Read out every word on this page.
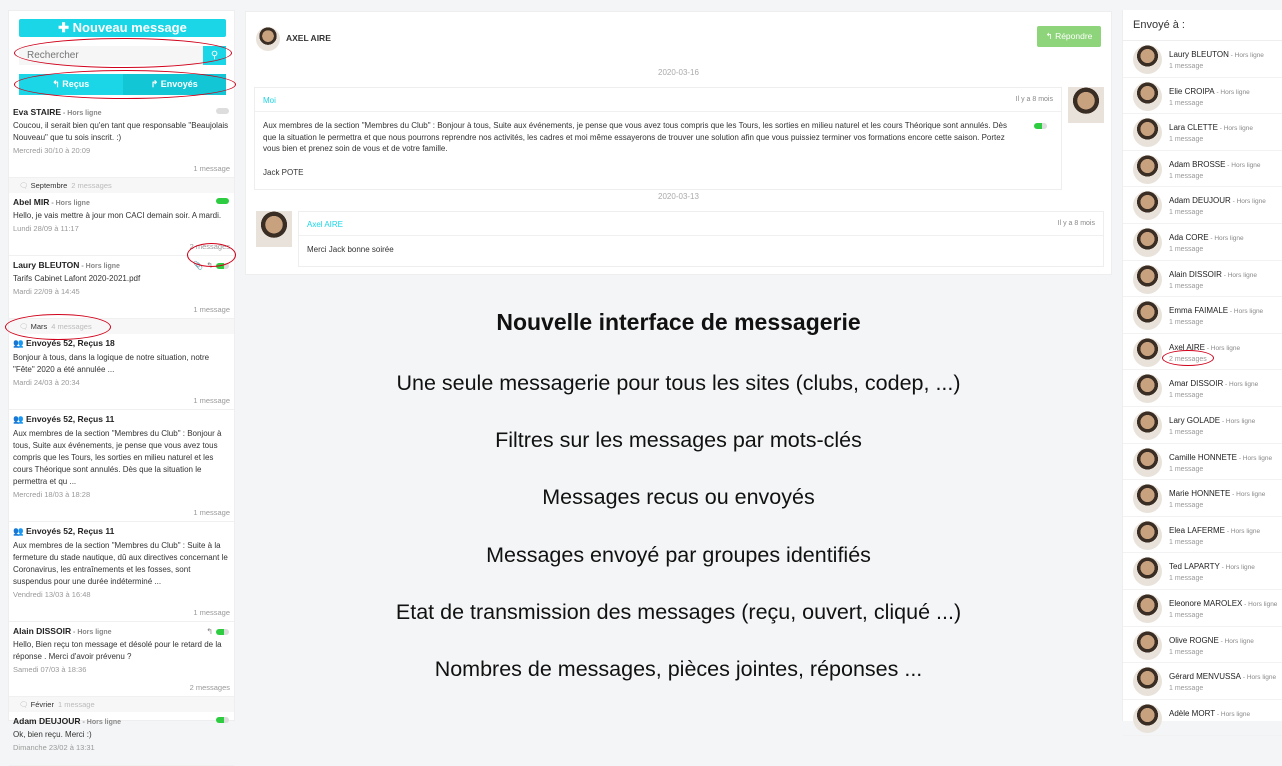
✚ Nouveau message
Rechercher
⚲
↰ Reçus	↱ Envoyés
Eva STAIRE - Hors ligne
Coucou, il serait bien qu'en tant que responsable "Beaujolais Nouveau" que tu sois inscrit. :)
Mercredi 30/10 à 20:09
1 message
🗨 Septembre 2 messages
Abel MIR - Hors ligne
Hello, je vais mettre à jour mon CACI demain soir. A mardi.
Lundi 28/09 à 11:17
2 messages
Laury BLEUTON - Hors ligne
Tarifs Cabinet Lafont 2020-2021.pdf
Mardi 22/09 à 14:45
1 message
📎 ↰
🗨 Mars 4 messages
👥 Envoyés 52, Reçus 18
Bonjour à tous, dans la logique de notre situation, notre "Fête" 2020 a été annulée ...
Mardi 24/03 à 20:34
1 message
👥 Envoyés 52, Reçus 11
Aux membres de la section "Membres du Club" : Bonjour à tous, Suite aux événements, je pense que vous avez tous compris que les Tours, les sorties en milieu naturel et les cours Théorique sont annulés. Dès que la situation le permettra et qu ...
Mercredi 18/03 à 18:28
1 message
👥 Envoyés 52, Reçus 11
Aux membres de la section "Membres du Club" : Suite à la fermeture du stade nautique, dû aux directives concernant le Coronavirus, les entraînements et les fosses, sont suspendus pour une durée indéterminé ...
Vendredi 13/03 à 16:48
1 message
Alain DISSOIR - Hors ligne
Hello, Bien reçu ton message et désolé pour le retard de la réponse . Merci d'avoir prévenu ?
Samedi 07/03 à 18:36
2 messages
↰
🗨 Février 1 message
Adam DEUJOUR - Hors ligne
Ok, bien reçu. Merci :)
Dimanche 23/02 à 13:31
AXEL AIRE	↰ Répondre
2020-03-16
Moi	Il y a 8 mois
Aux membres de la section "Membres du Club" : Bonjour à tous, Suite aux événements, je pense que vous avez tous compris que les Tours, les sorties en milieu naturel et les cours Théorique sont annulés. Dès que la situation le permettra et que nous pourrons reprendre nos activités, les cadres et moi même essayerons de trouver une solution afin que vous puissiez terminer vos formations encore cette saison. Portez vous bien et prenez soin de vous et de votre famille.
Jack POTE
2020-03-13
Axel AIRE	Il y a 8 mois
Merci Jack bonne soirée
Nouvelle interface de messagerie
Une seule messagerie pour tous les sites (clubs, codep, ...)
Filtres sur les messages par mots-clés
Messages recus ou envoyés
Messages envoyé par groupes identifiés
Etat de transmission des messages (reçu, ouvert, cliqué ...)
Nombres de messages, pièces jointes, réponses ...
Envoyé à :
Laury BLEUTON - Hors ligne
1 message
Elie CROIPA - Hors ligne
1 message
Lara CLETTE - Hors ligne
1 message
Adam BROSSE - Hors ligne
1 message
Adam DEUJOUR - Hors ligne
1 message
Ada CORE - Hors ligne
1 message
Alain DISSOIR - Hors ligne
1 message
Emma FAIMALE - Hors ligne
1 message
Axel AIRE - Hors ligne
2 messages
Amar DISSOIR - Hors ligne
1 message
Lary GOLADE - Hors ligne
1 message
Camille HONNETE - Hors ligne
1 message
Marie HONNETE - Hors ligne
1 message
Elea LAFERME - Hors ligne
1 message
Ted LAPARTY - Hors ligne
1 message
Eleonore MAROLEX - Hors ligne
1 message
Olive ROGNE - Hors ligne
1 message
Gérard MENVUSSA - Hors ligne
1 message
Adèle MORT - Hors ligne
